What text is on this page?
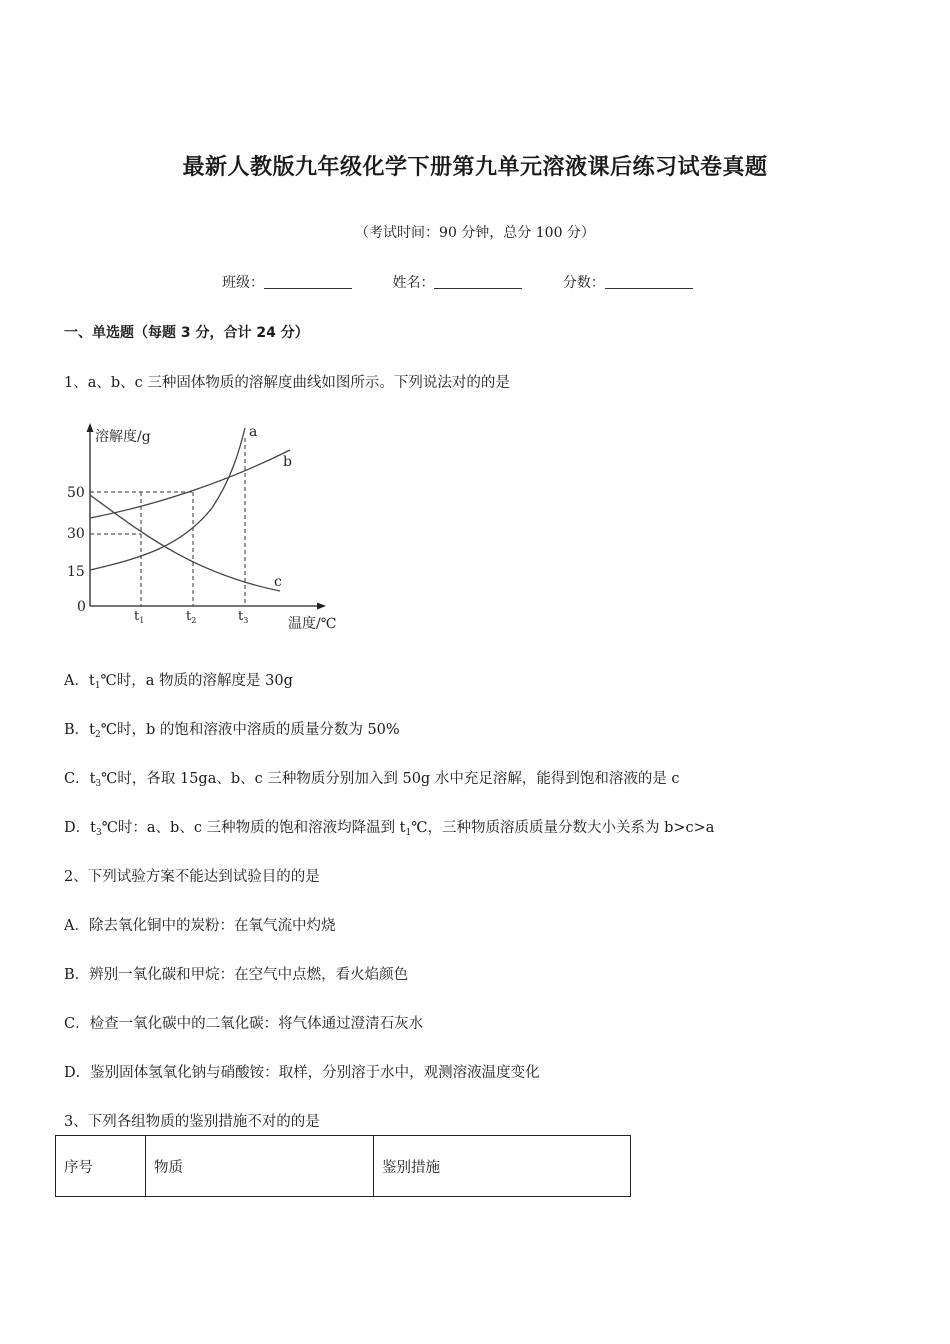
最新人教版九年级化学下册第九单元溶液课后练习试卷真题
（考试时间：90 分钟，总分 100 分）
班级：	姓名：	分数：
一、单选题（每题 3 分，合计 24 分）
1、a、b、c 三种固体物质的溶解度曲线如图所示。下列说法对的的是
溶解度/g
温度/℃
50
30
15
0
$t_1$	$t_2$	$t_3$
a
b
c
A．$t_1℃$时，a 物质的溶解度是 30g
B．$t_2℃$时，b 的饱和溶液中溶质的质量分数为 50%
C．$t_3℃$时，各取 15ga、b、c 三种物质分别加入到 50g 水中充足溶解，能得到饱和溶液的是 c
D．$t_3℃$时：a、b、c 三种物质的饱和溶液均降温到 $t_1℃$，三种物质溶质质量分数大小关系为 b>c>a
2、下列试验方案不能达到试验目的的是
A．除去氧化铜中的炭粉：在氧气流中灼烧
B．辨别一氧化碳和甲烷：在空气中点燃，看火焰颜色
C．检查一氧化碳中的二氧化碳：将气体通过澄清石灰水
D．鉴别固体氢氧化钠与硝酸铵：取样，分别溶于水中，观测溶液温度变化
3、下列各组物质的鉴别措施不对的的是
序号	物质	鉴别措施
